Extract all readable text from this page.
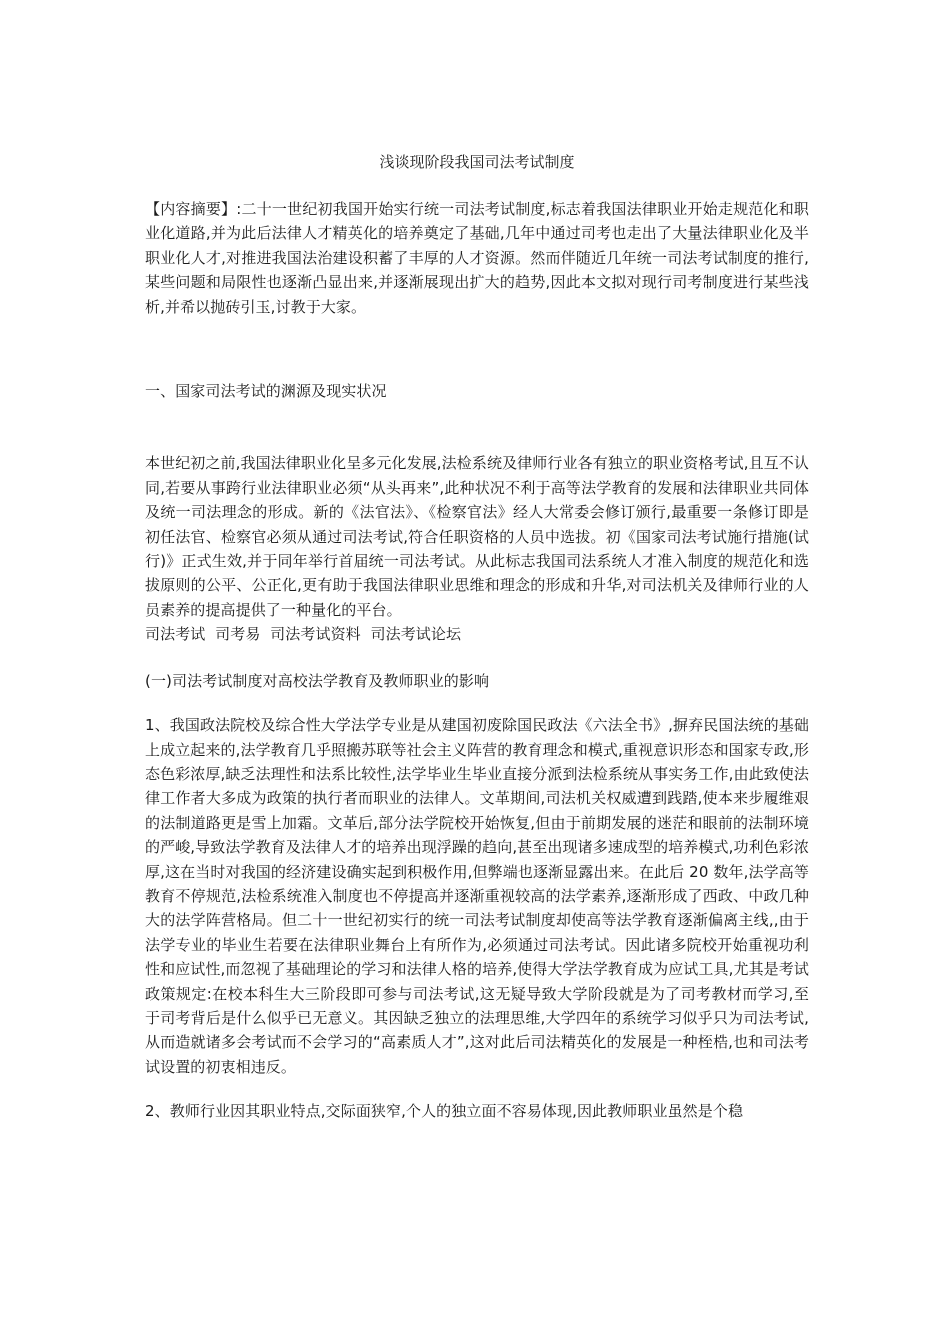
浅谈现阶段我国司法考试制度

【内容摘要】:二十一世纪初我国开始实行统一司法考试制度,标志着我国法律职业开始走规范化和职业化道路,并为此后法律人才精英化的培养奠定了基础,几年中通过司考也走出了大量法律职业化及半职业化人才,对推进我国法治建设积蓄了丰厚的人才资源。然而伴随近几年统一司法考试制度的推行,某些问题和局限性也逐渐凸显出来,并逐渐展现出扩大的趋势,因此本文拟对现行司考制度进行某些浅析,并希以抛砖引玉,讨教于大家。

一、国家司法考试的渊源及现实状况

本世纪初之前,我国法律职业化呈多元化发展,法检系统及律师行业各有独立的职业资格考试,且互不认同,若要从事跨行业法律职业必须“从头再来”,此种状况不利于高等法学教育的发展和法律职业共同体及统一司法理念的形成。新的《法官法》、《检察官法》经人大常委会修订颁行,最重要一条修订即是初任法官、检察官必须从通过司法考试,符合任职资格的人员中选拔。初《国家司法考试施行措施(试行)》正式生效,并于同年举行首届统一司法考试。从此标志我国司法系统人才准入制度的规范化和选拔原则的公平、公正化,更有助于我国法律职业思维和理念的形成和升华,对司法机关及律师行业的人员素养的提高提供了一种量化的平台。

司法考试  司考易  司法考试资料  司法考试论坛

(一)司法考试制度对高校法学教育及教师职业的影响

1、我国政法院校及综合性大学法学专业是从建国初废除国民政法《六法全书》,摒弃民国法统的基础上成立起来的,法学教育几乎照搬苏联等社会主义阵营的教育理念和模式,重视意识形态和国家专政,形态色彩浓厚,缺乏法理性和法系比较性,法学毕业生毕业直接分派到法检系统从事实务工作,由此致使法律工作者大多成为政策的执行者而职业的法律人。文革期间,司法机关权威遭到践踏,使本来步履维艰的法制道路更是雪上加霜。文革后,部分法学院校开始恢复,但由于前期发展的迷茫和眼前的法制环境的严峻,导致法学教育及法律人才的培养出现浮躁的趋向,甚至出现诸多速成型的培养模式,功利色彩浓厚,这在当时对我国的经济建设确实起到积极作用,但弊端也逐渐显露出来。在此后 20 数年,法学高等教育不停规范,法检系统准入制度也不停提高并逐渐重视较高的法学素养,逐渐形成了西政、中政几种大的法学阵营格局。但二十一世纪初实行的统一司法考试制度却使高等法学教育逐渐偏离主线,,由于法学专业的毕业生若要在法律职业舞台上有所作为,必须通过司法考试。因此诸多院校开始重视功利性和应试性,而忽视了基础理论的学习和法律人格的培养,使得大学法学教育成为应试工具,尤其是考试政策规定:在校本科生大三阶段即可参与司法考试,这无疑导致大学阶段就是为了司考教材而学习,至于司考背后是什么似乎已无意义。其因缺乏独立的法理思维,大学四年的系统学习似乎只为司法考试,从而造就诸多会考试而不会学习的“高素质人才”,这对此后司法精英化的发展是一种桎梏,也和司法考试设置的初衷相违反。

2、教师行业因其职业特点,交际面狭窄,个人的独立面不容易体现,因此教师职业虽然是个稳
